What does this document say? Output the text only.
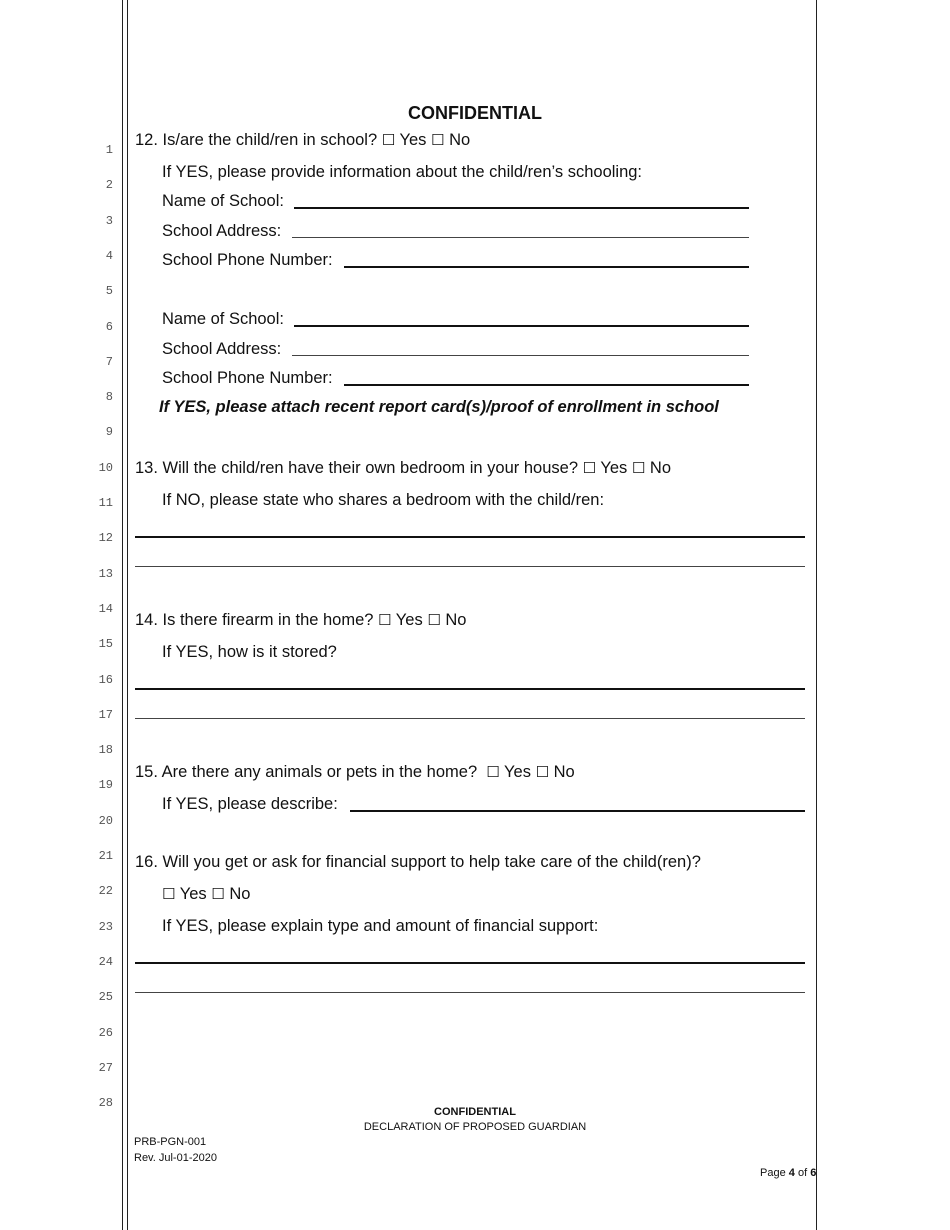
1
2
3
4
5
6
7
8
9
10
11
12
13
14
15
16
17
18
19
20
21
22
23
24
25
26
27
28
CONFIDENTIAL
12. Is/are the child/ren in school? ☐ Yes ☐ No
If YES, please provide information about the child/ren’s schooling:
Name of School:
School Address:
School Phone Number:
Name of School:
School Address:
School Phone Number:
If YES, please attach recent report card(s)/proof of enrollment in school
13. Will the child/ren have their own bedroom in your house? ☐ Yes ☐ No
If NO, please state who shares a bedroom with the child/ren:
14. Is there firearm in the home? ☐ Yes ☐ No
If YES, how is it stored?
15. Are there any animals or pets in the home? ☐ Yes ☐ No
If YES, please describe:
16. Will you get or ask for financial support to help take care of the child(ren)?
☐ Yes ☐ No
If YES, please explain type and amount of financial support:
CONFIDENTIAL
DECLARATION OF PROPOSED GUARDIAN
PRB-PGN-001
Rev. Jul-01-2020
Page 4 of 6
